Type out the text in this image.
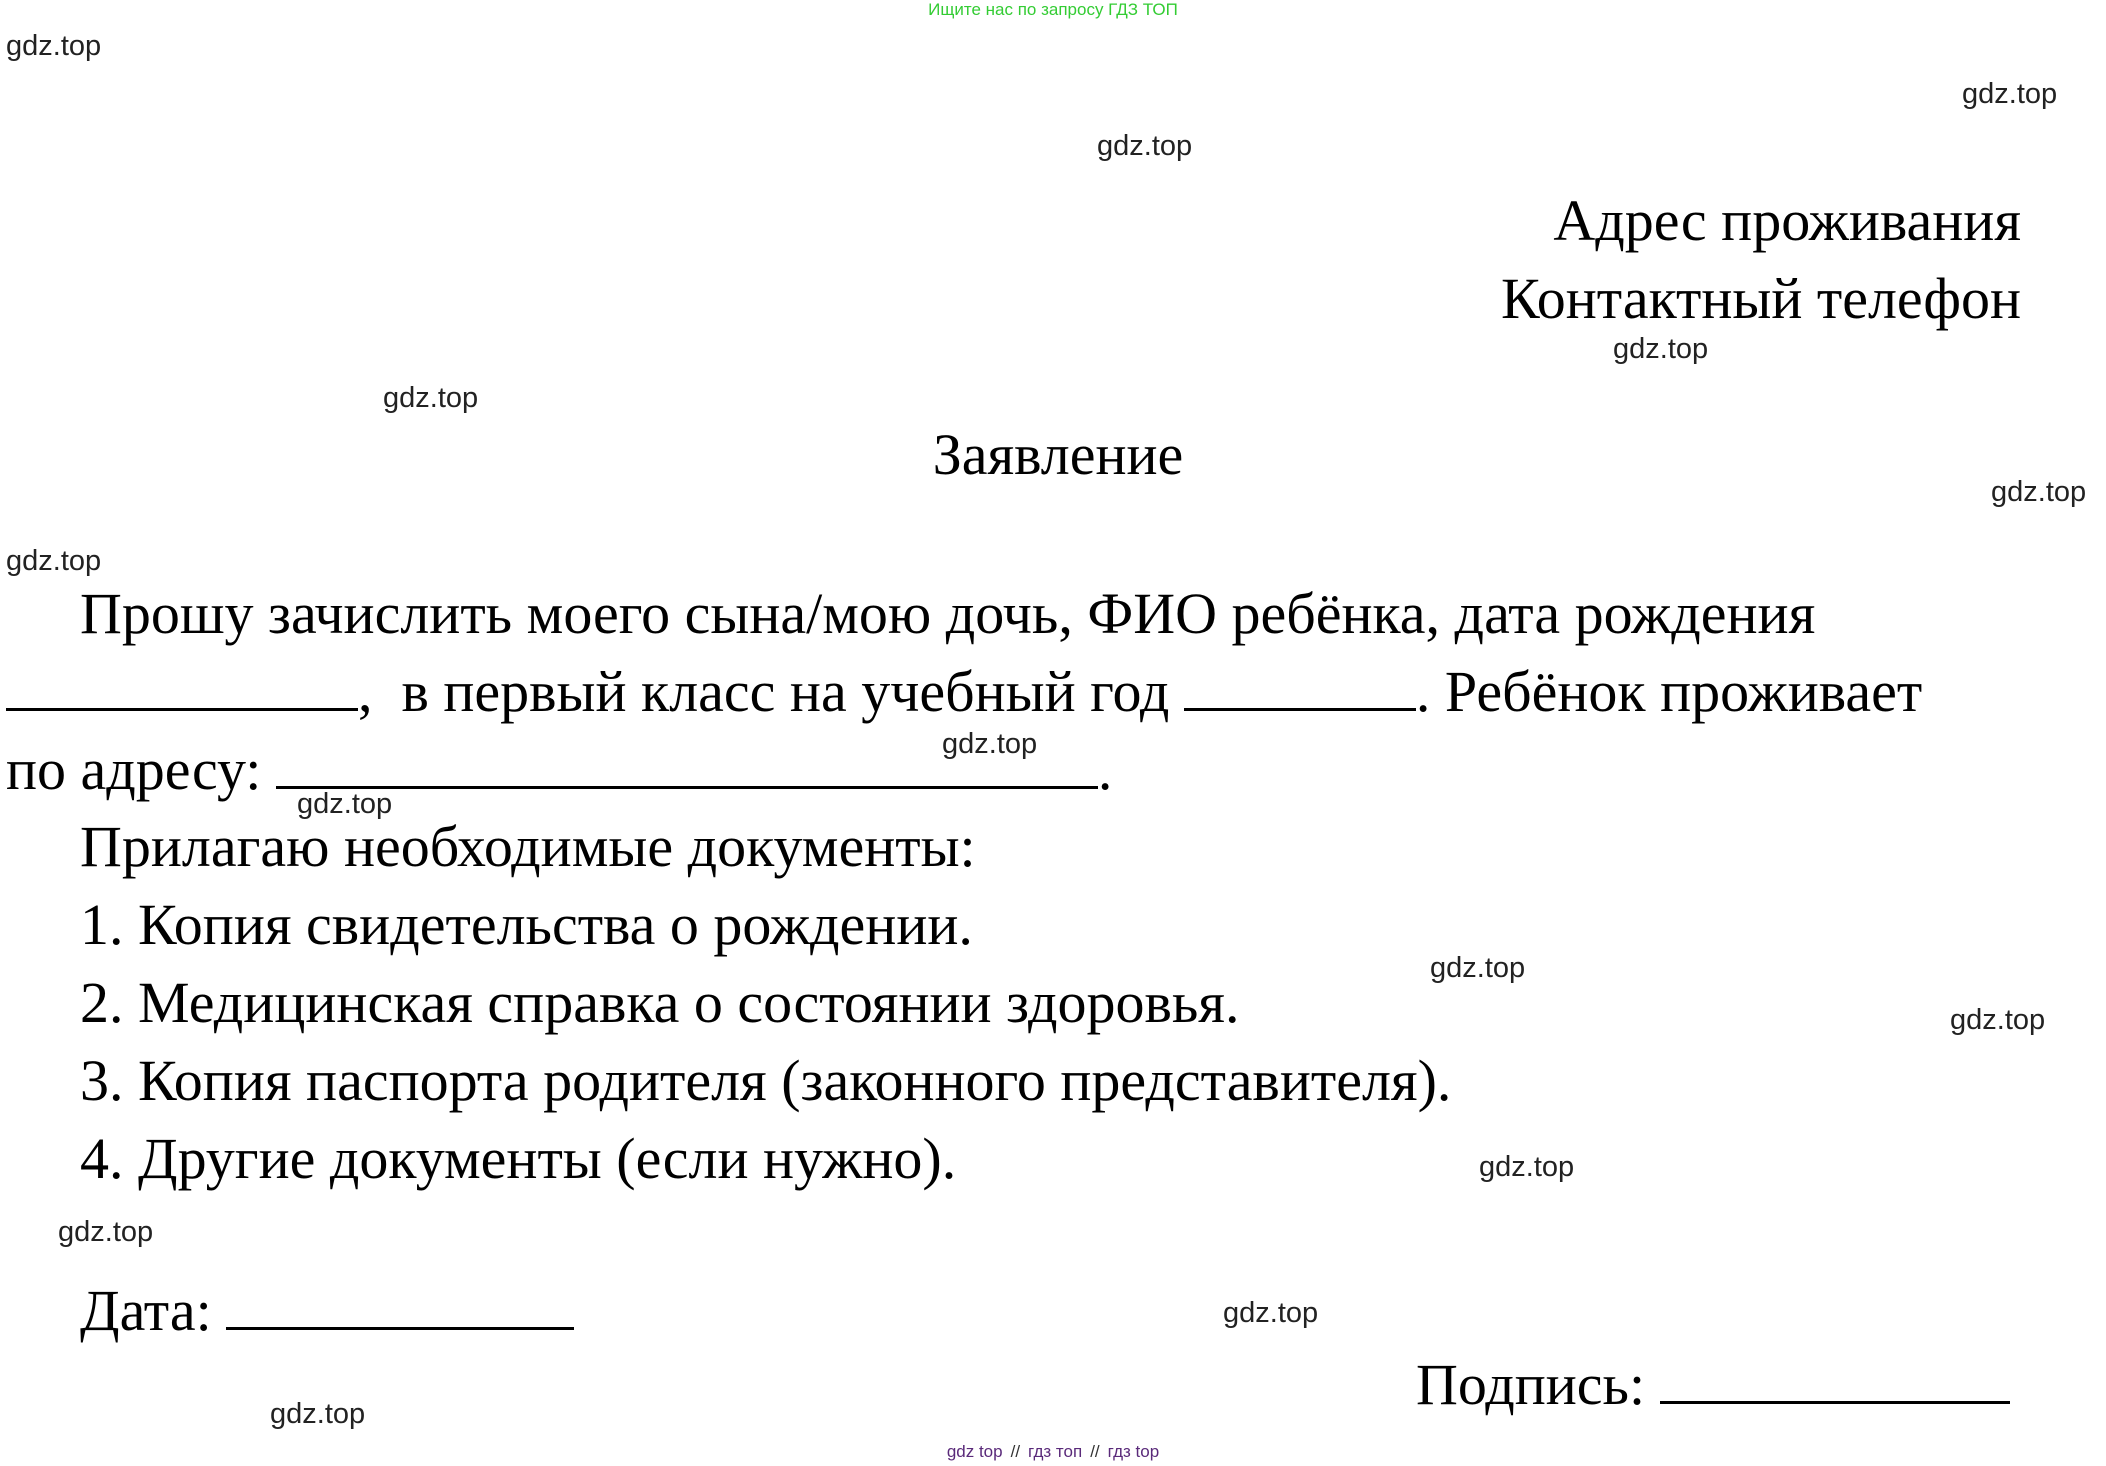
Ищите нас по запросу ГДЗ ТОП
gdz.top
gdz.top
gdz.top
gdz.top
gdz.top
gdz.top
gdz.top
gdz.top
gdz.top
gdz.top
gdz.top
gdz.top
gdz.top
gdz.top
gdz.top
Адрес проживания
Контактный телефон
Заявление
Прошу зачислить моего сына/мою дочь, ФИО ребёнка, дата рождения
, в первый класс на учебный год	. Ребёнок проживает
по адресу:	.
Прилагаю необходимые документы:
1. Копия свидетельства о рождении.
2. Медицинская справка о состоянии здоровья.
3. Копия паспорта родителя (законного представителя).
4. Другие документы (если нужно).
Дата:
Подпись:
gdz top // гдз топ // гдз top
